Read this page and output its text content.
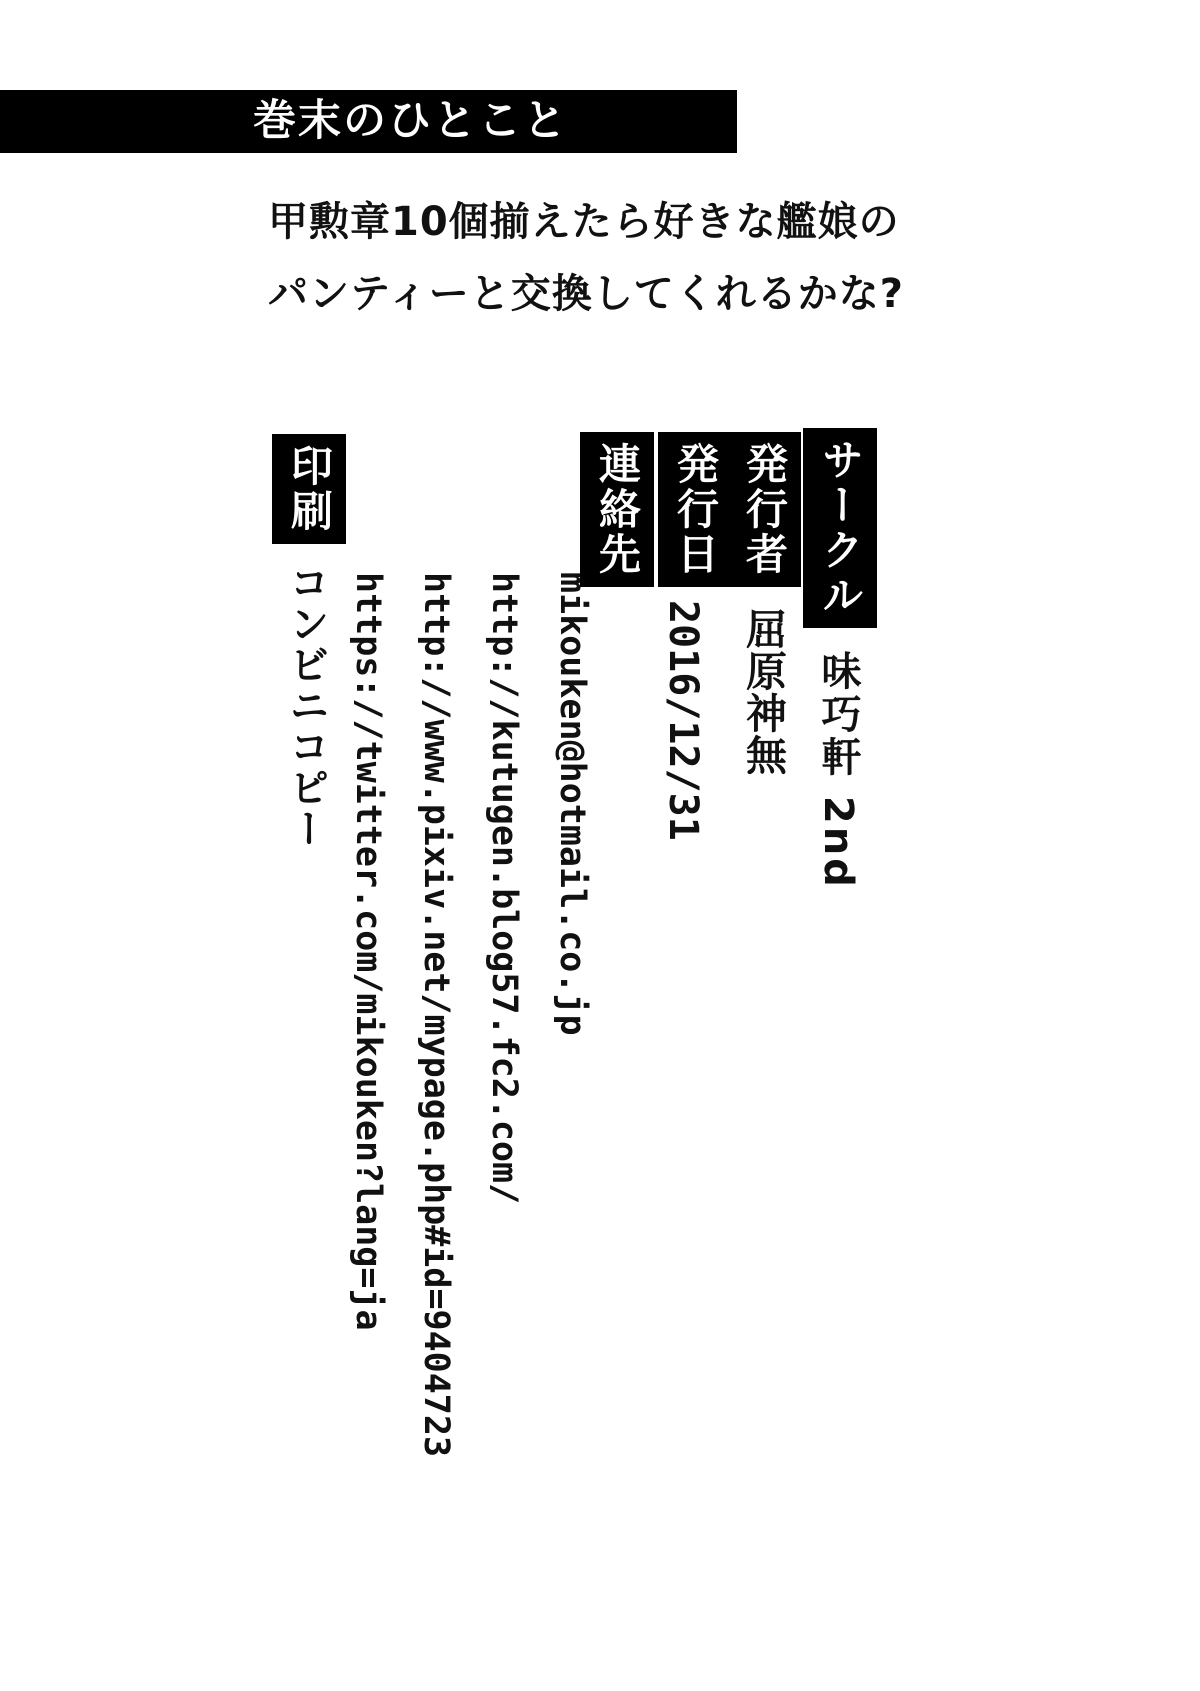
巻末のひとこと
甲勲章10個揃えたら好きな艦娘の
パンティーと交換してくれるかな?
サークル
味巧軒 2nd
発行者
屈原神無
発行日
2016/12/31
連絡先
mikouken@hotmail.co.jp
http://kutugen.blog57.fc2.com/
http://www.pixiv.net/mypage.php#id=9404723
https://twitter.com/mikouken?lang=ja
印刷
コンビニコピー
